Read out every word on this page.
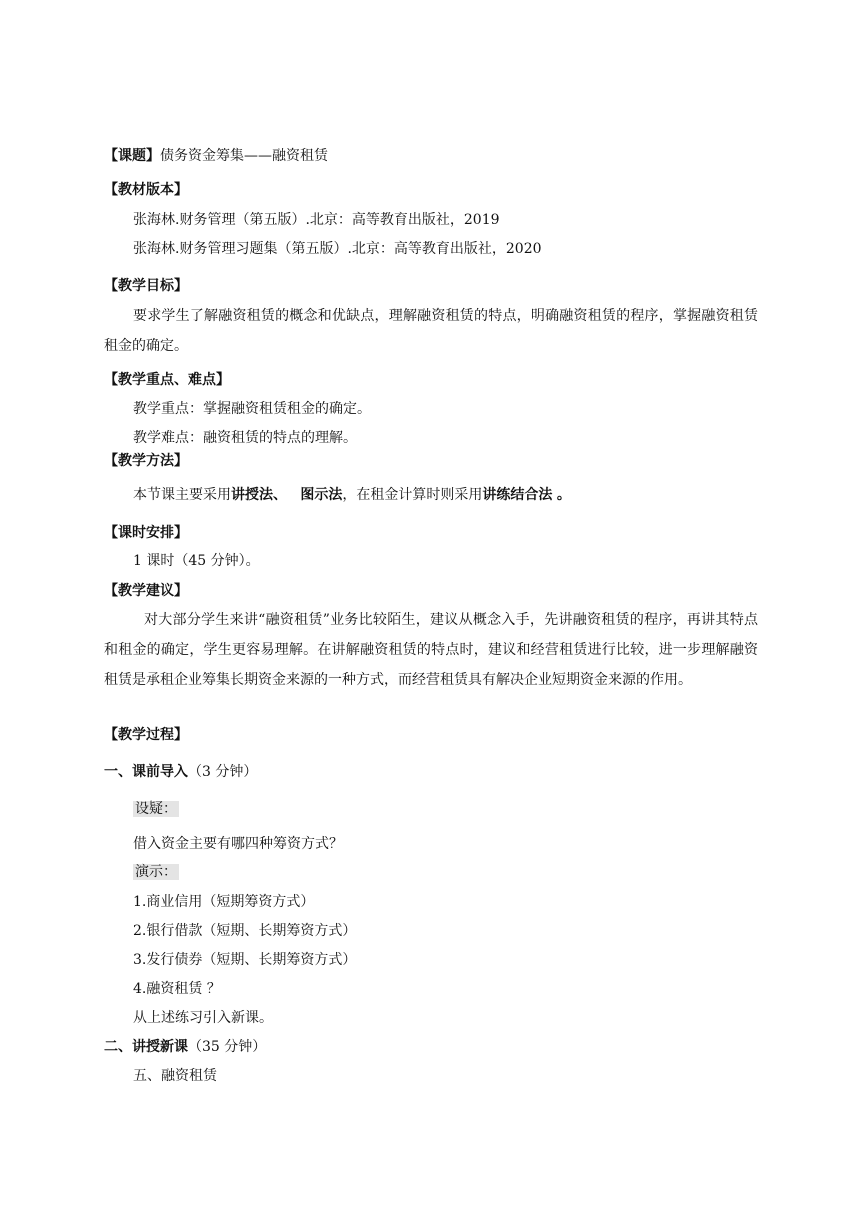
【课题】债务资金筹集——融资租赁
【教材版本】
张海林.财务管理（第五版）.北京：高等教育出版社，2019
张海林.财务管理习题集（第五版）.北京：高等教育出版社，2020
【教学目标】

要求学生了解融资租赁的概念和优缺点，理解融资租赁的特点，明确融资租赁的程序，掌握融资租赁租金的确定。

【教学重点、难点】
教学重点：掌握融资租赁租金的确定。
教学难点：融资租赁的特点的理解。
【教学方法】
本节课主要采用讲授法、 图示法，在租金计算时则采用讲练结合法 。
【课时安排】
1 课时（45 分钟）。
【教学建议】

对大部分学生来讲“融资租赁”业务比较陌生，建议从概念入手，先讲融资租赁的程序，再讲其特点和租金的确定，学生更容易理解。在讲解融资租赁的特点时，建议和经营租赁进行比较，进一步理解融资租赁是承租企业筹集长期资金来源的一种方式，而经营租赁具有解决企业短期资金来源的作用。

【教学过程】
一、课前导入（3 分钟）
设疑：
借入资金主要有哪四种筹资方式？
演示：
1.商业信用（短期筹资方式）
2.银行借款（短期、长期筹资方式）
3.发行债券（短期、长期筹资方式）
4.融资租赁 ？
从上述练习引入新课。
二、讲授新课（35 分钟）
五、融资租赁
